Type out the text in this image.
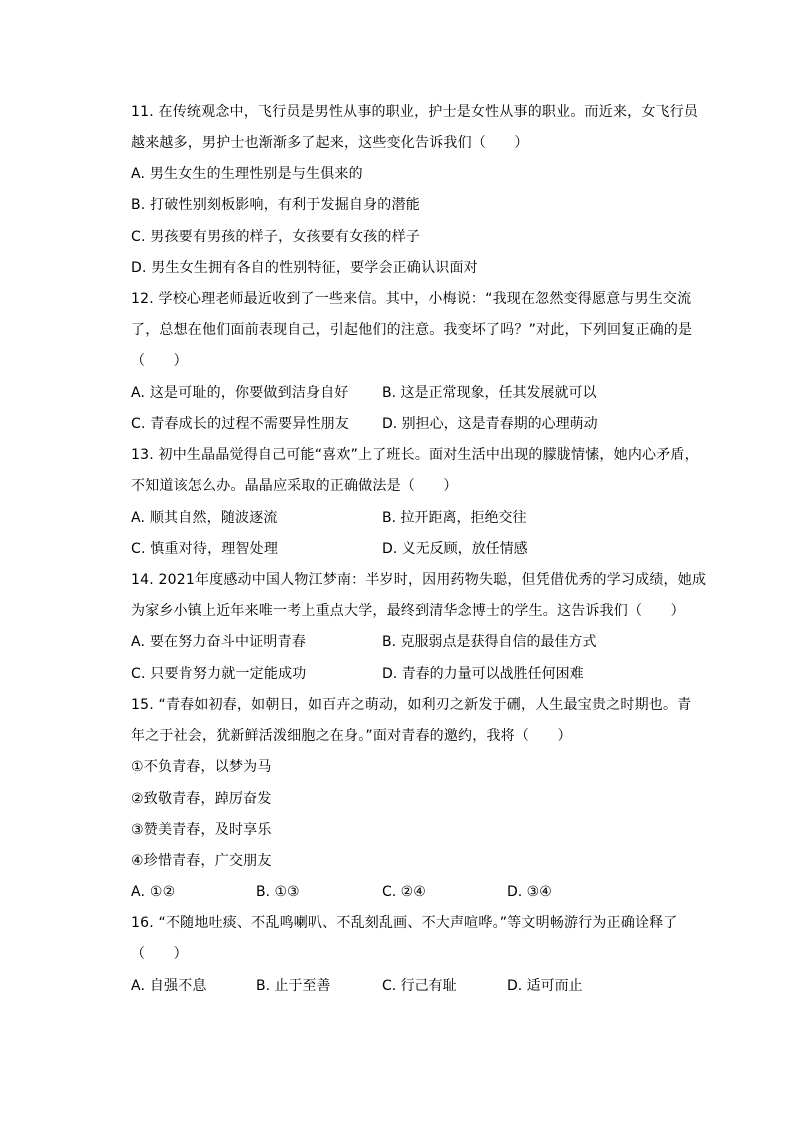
11. 在传统观念中，飞行员是男性从事的职业，护士是女性从事的职业。而近来，女飞行员
越来越多，男护士也渐渐多了起来，这些变化告诉我们（　　）
A. 男生女生的生理性别是与生俱来的
B. 打破性别刻板影响，有利于发掘自身的潜能
C. 男孩要有男孩的样子，女孩要有女孩的样子
D. 男生女生拥有各自的性别特征，要学会正确认识面对
12. 学校心理老师最近收到了一些来信。其中，小梅说：“我现在忽然变得愿意与男生交流
了，总想在他们面前表现自己，引起他们的注意。我变坏了吗？”对此，下列回复正确的是
（　　）
A. 这是可耻的，你要做到洁身自好 B. 这是正常现象，任其发展就可以
C. 青春成长的过程不需要异性朋友 D. 别担心，这是青春期的心理萌动
13. 初中生晶晶觉得自己可能“喜欢”上了班长。面对生活中出现的朦胧情愫，她内心矛盾，
不知道该怎么办。晶晶应采取的正确做法是（　　）
A. 顺其自然，随波逐流	B. 拉开距离，拒绝交往
C. 慎重对待，理智处理	D. 义无反顾，放任情感
14. 2021年度感动中国人物江梦南：半岁时，因用药物失聪，但凭借优秀的学习成绩，她成
为家乡小镇上近年来唯一考上重点大学，最终到清华念博士的学生。这告诉我们（　　）
A. 要在努力奋斗中证明青春	B. 克服弱点是获得自信的最佳方式
C. 只要肯努力就一定能成功	D. 青春的力量可以战胜任何困难
15. “青春如初春，如朝日，如百卉之萌动，如利刃之新发于硎，人生最宝贵之时期也。青
年之于社会，犹新鲜活泼细胞之在身。”面对青春的邀约，我将（　　）
①不负青春，以梦为马
②致敬青春，踔厉奋发
③赞美青春，及时享乐
④珍惜青春，广交朋友
A. ①②	B. ①③	C. ②④	D. ③④
16. “不随地吐痰、不乱鸣喇叭、不乱刻乱画、不大声喧哗。”等文明畅游行为正确诠释了
（　　）
A. 自强不息	B. 止于至善	C. 行己有耻	D. 适可而止
